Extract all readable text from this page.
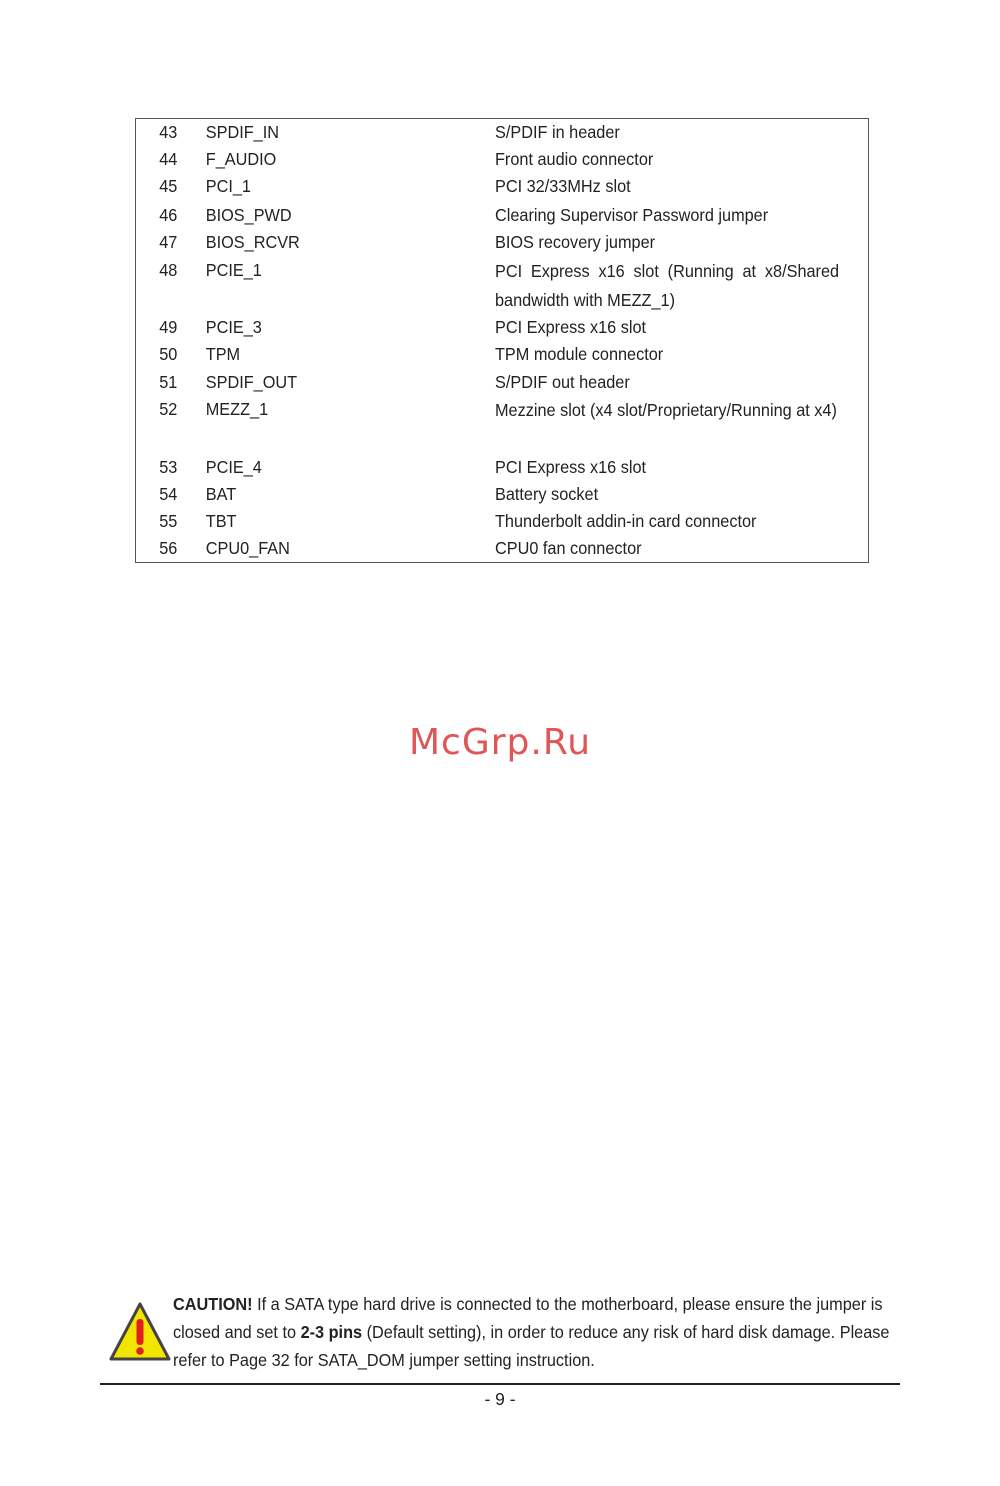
43 SPDIF_IN	S/PDIF in header
44 F_AUDIO	Front audio connector
45 PCI_1	PCI 32/33MHz slot
46 BIOS_PWD	Clearing Supervisor Password jumper
47 BIOS_RCVR	BIOS recovery jumper
48 PCIE_1	PCI Express x16 slot (Running at x8/Shared bandwidth with MEZZ_1)
49 PCIE_3	PCI Express x16 slot
50 TPM	TPM module connector
51 SPDIF_OUT	S/PDIF out header
52 MEZZ_1	Mezzine slot (x4 slot/Proprietary/Running at x4)
53 PCIE_4	PCI Express x16 slot
54 BAT	Battery socket
55 TBT	Thunderbolt addin-in card connector
56 CPU0_FAN	CPU0 fan connector
McGrp.Ru
CAUTION! If a SATA type hard drive is connected to the motherboard, please ensure the jumper is closed and set to 2-3 pins (Default setting), in order to reduce any risk of hard disk damage. Please refer to Page 32 for SATA_DOM jumper setting instruction.
- 9 -
